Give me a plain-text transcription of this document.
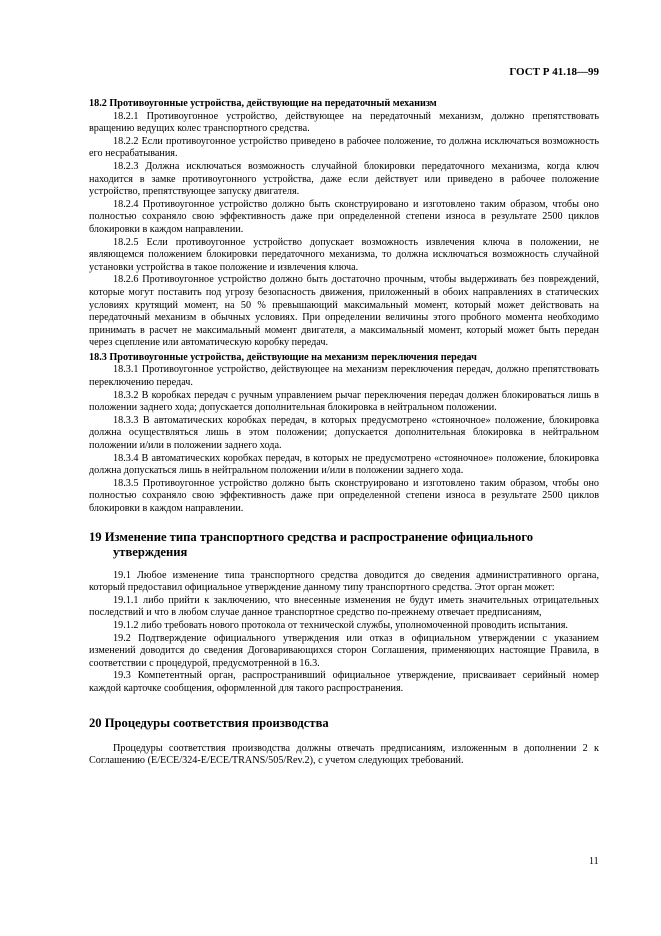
ГОСТ Р 41.18—99

18.2 Противоугонные устройства, действующие на передаточный механизм

18.2.1 Противоугонное устройство, действующее на передаточный механизм, должно препятствовать вращению ведущих колес транспортного средства.

18.2.2 Если противоугонное устройство приведено в рабочее положение, то должна исключаться возможность его несрабатывания.

18.2.3 Должна исключаться возможность случайной блокировки передаточного механизма, когда ключ находится в замке противоугонного устройства, даже если действует или приведено в рабочее положение устройство, препятствующее запуску двигателя.

18.2.4 Противоугонное устройство должно быть сконструировано и изготовлено таким образом, чтобы оно полностью сохраняло свою эффективность даже при определенной степени износа в результате 2500 циклов блокировки в каждом направлении.

18.2.5 Если противоугонное устройство допускает возможность извлечения ключа в положении, не являющемся положением блокировки передаточного механизма, то должна исключаться возможность случайной установки устройства в такое положение и извлечения ключа.

18.2.6 Противоугонное устройство должно быть достаточно прочным, чтобы выдерживать без повреждений, которые могут поставить под угрозу безопасность движения, приложенный в обоих направлениях в статических условиях крутящий момент, на 50 % превышающий максимальный момент, который может действовать на передаточный механизм в обычных условиях. При определении величины этого пробного момента необходимо принимать в расчет не максимальный момент двигателя, а максимальный момент, который может быть передан через сцепление или автоматическую коробку передач.

18.3 Противоугонные устройства, действующие на механизм переключения передач

18.3.1 Противоугонное устройство, действующее на механизм переключения передач, должно препятствовать переключению передач.

18.3.2 В коробках передач с ручным управлением рычаг переключения передач должен блокироваться лишь в положении заднего хода; допускается дополнительная блокировка в нейтральном положении.

18.3.3 В автоматических коробках передач, в которых предусмотрено «стояночное» положение, блокировка должна осуществляться лишь в этом положении; допускается дополнительная блокировка в нейтральном положении и/или в положении заднего хода.

18.3.4 В автоматических коробках передач, в которых не предусмотрено «стояночное» положение, блокировка должна допускаться лишь в нейтральном положении и/или в положении заднего хода.

18.3.5 Противоугонное устройство должно быть сконструировано и изготовлено таким образом, чтобы оно полностью сохраняло свою эффективность даже при определенной степени износа в результате 2500 циклов блокировки в каждом направлении.

19 Изменение типа транспортного средства и распространение официального утверждения

19.1 Любое изменение типа транспортного средства доводится до сведения административного органа, который предоставил официальное утверждение данному типу транспортного средства. Этот орган может:

19.1.1 либо прийти к заключению, что внесенные изменения не будут иметь значительных отрицательных последствий и что в любом случае данное транспортное средство по-прежнему отвечает предписаниям,

19.1.2 либо требовать нового протокола от технической службы, уполномоченной проводить испытания.

19.2 Подтверждение официального утверждения или отказ в официальном утверждении с указанием изменений доводится до сведения Договаривающихся сторон Соглашения, применяющих настоящие Правила, в соответствии с процедурой, предусмотренной в 16.3.

19.3 Компетентный орган, распространивший официальное утверждение, присваивает серийный номер каждой карточке сообщения, оформленной для такого распространения.

20 Процедуры соответствия производства

Процедуры соответствия производства должны отвечать предписаниям, изложенным в дополнении 2 к Соглашению (E/ECE/324-E/ECE/TRANS/505/Rev.2), с учетом следующих требований.

11
